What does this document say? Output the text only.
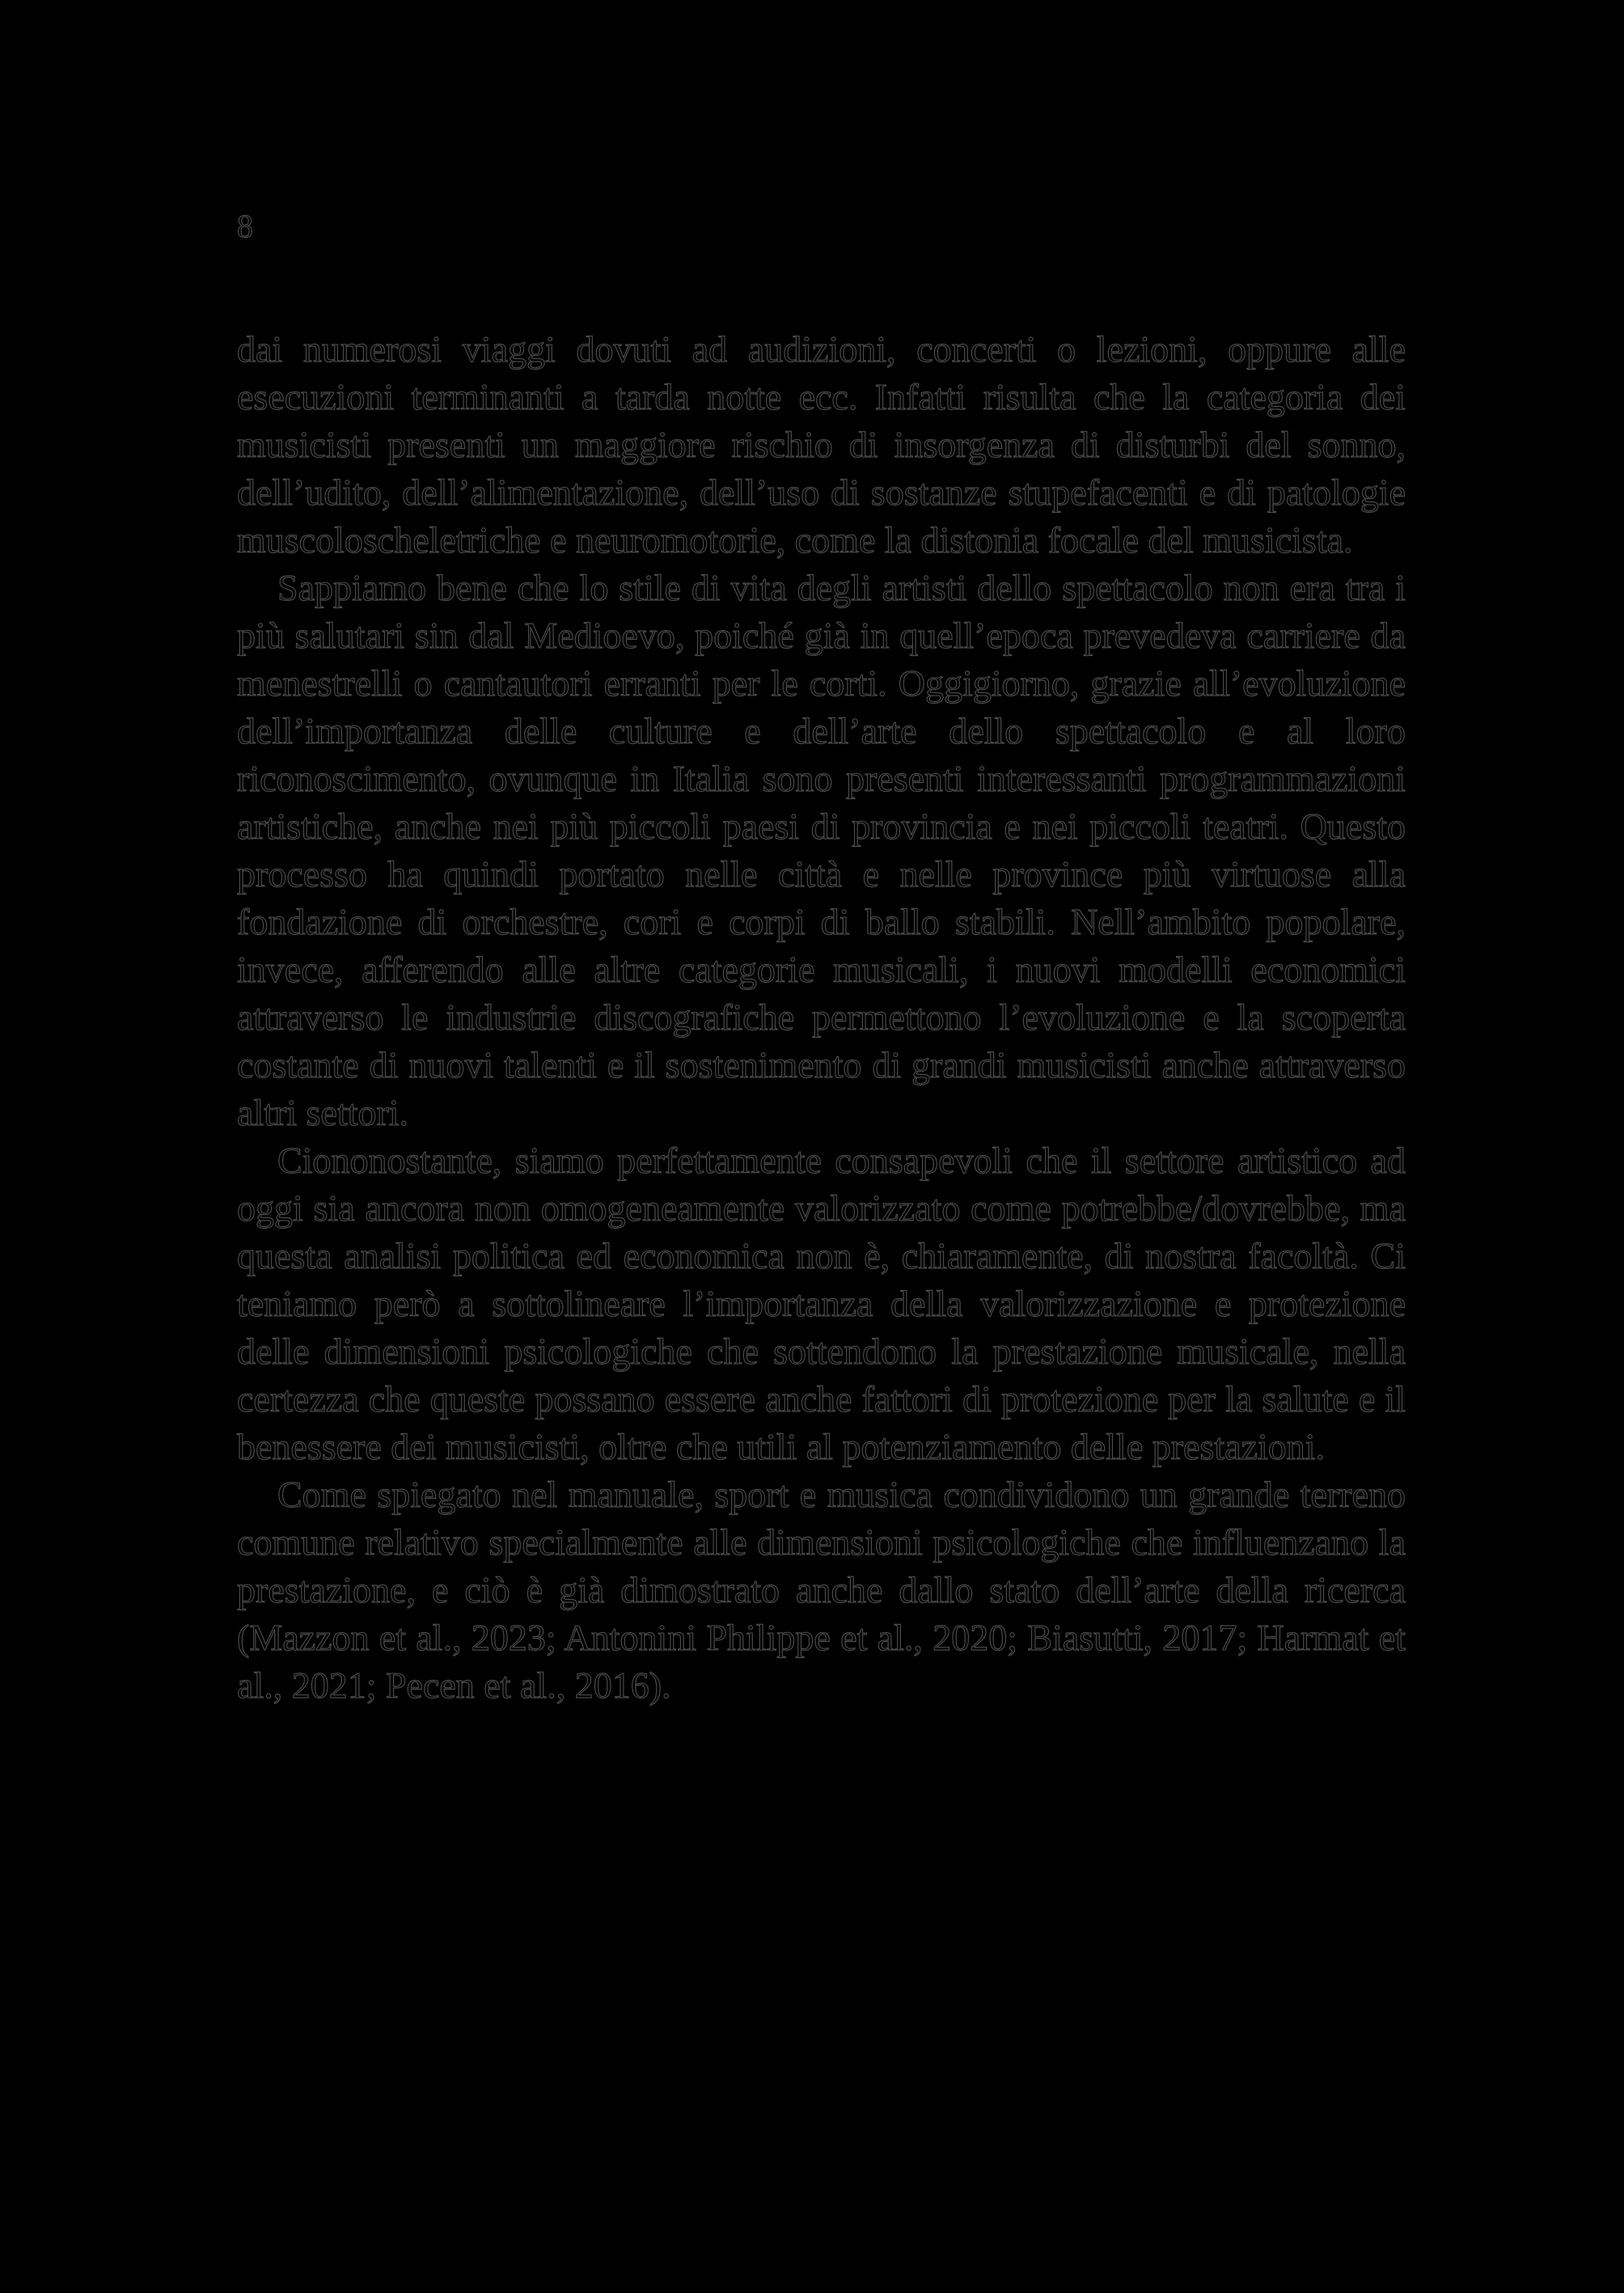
8

dai numerosi viaggi dovuti ad audizioni, concerti o lezioni, oppure alle esecuzioni terminanti a tarda notte ecc. Infatti risulta che la categoria dei musicisti presenti un maggiore rischio di insorgenza di disturbi del sonno, dell’udito, dell’alimentazione, dell’uso di sostanze stupefacenti e di patologie muscoloscheletriche e neuromotorie, come la distonia focale del musicista.

Sappiamo bene che lo stile di vita degli artisti dello spettacolo non era tra i più salutari sin dal Medioevo, poiché già in quell’epoca prevedeva carriere da menestrelli o cantautori erranti per le corti. Oggigiorno, grazie all’evoluzione dell’importanza delle culture e dell’arte dello spettacolo e al loro riconoscimento, ovunque in Italia sono presenti interessanti programmazioni artistiche, anche nei più piccoli paesi di provincia e nei piccoli teatri. Questo processo ha quindi portato nelle città e nelle province più virtuose alla fondazione di orchestre, cori e corpi di ballo stabili. Nell’ambito popolare, invece, afferendo alle altre categorie musicali, i nuovi modelli economici attraverso le industrie discografiche permettono l’evoluzione e la scoperta costante di nuovi talenti e il sostenimento di grandi musicisti anche attraverso altri settori.

Ciononostante, siamo perfettamente consapevoli che il settore artistico ad oggi sia ancora non omogeneamente valorizzato come potrebbe/dovrebbe, ma questa analisi politica ed economica non è, chiaramente, di nostra facoltà. Ci teniamo però a sottolineare l’importanza della valorizzazione e protezione delle dimensioni psicologiche che sottendono la prestazione musicale, nella certezza che queste possano essere anche fattori di protezione per la salute e il benessere dei musicisti, oltre che utili al potenziamento delle prestazioni.

Come spiegato nel manuale, sport e musica condividono un grande terreno comune relativo specialmente alle dimensioni psicologiche che influenzano la prestazione, e ciò è già dimostrato anche dallo stato dell’arte della ricerca (Mazzon et al., 2023; Antonini Philippe et al., 2020; Biasutti, 2017; Harmat et al., 2021; Pecen et al., 2016).
